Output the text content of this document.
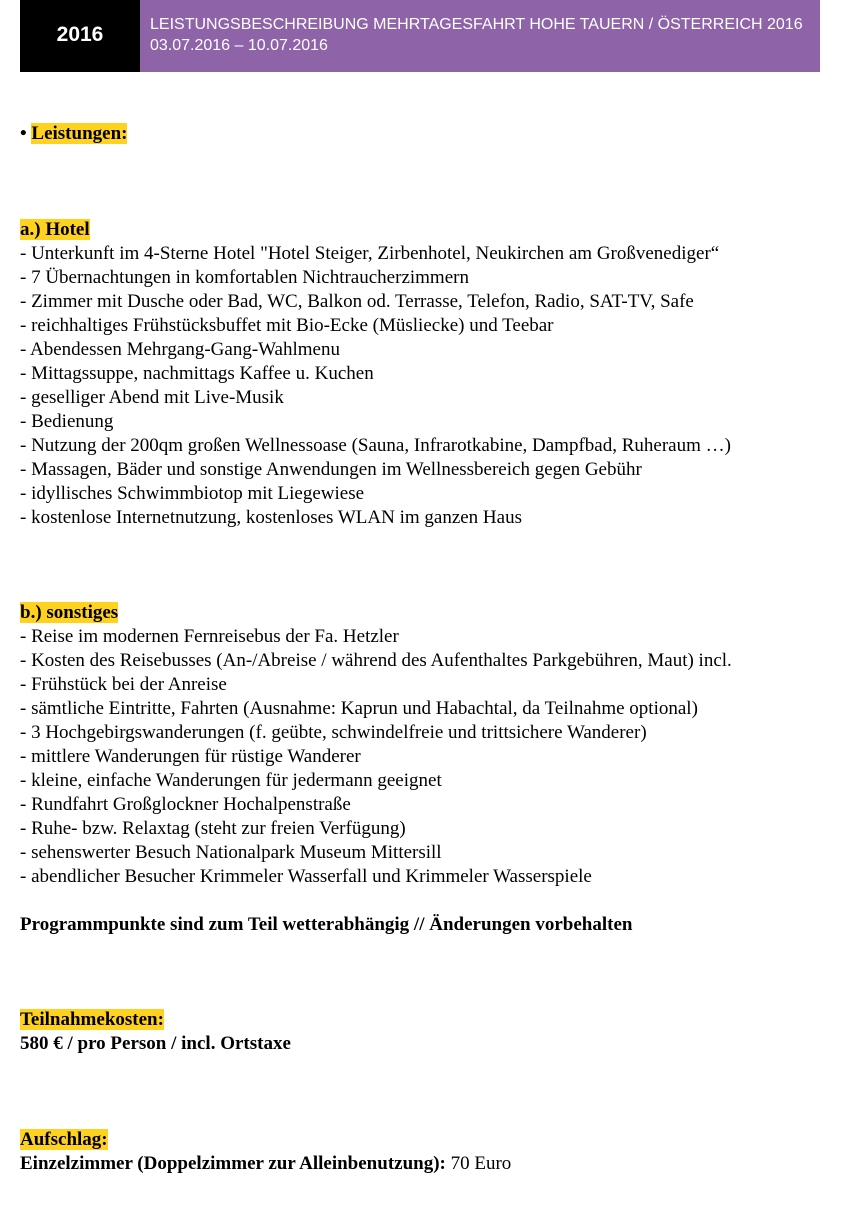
2016	LEISTUNGSBESCHREIBUNG MEHRTAGESFAHRT HOHE TAUERN / ÖSTERREICH 2016
03.07.2016 – 10.07.2016
• Leistungen:
a.) Hotel
- Unterkunft im 4-Sterne Hotel "Hotel Steiger, Zirbenhotel, Neukirchen am Großvenediger“
- 7 Übernachtungen in komfortablen Nichtraucherzimmern
- Zimmer mit Dusche oder Bad, WC, Balkon od. Terrasse, Telefon, Radio, SAT-TV, Safe
- reichhaltiges Frühstücksbuffet mit Bio-Ecke (Müsliecke) und Teebar
- Abendessen Mehrgang-Gang-Wahlmenu
- Mittagssuppe, nachmittags Kaffee u. Kuchen
- geselliger Abend mit Live-Musik
- Bedienung
- Nutzung der 200qm großen Wellnessoase (Sauna, Infrarotkabine, Dampfbad, Ruheraum …)
- Massagen, Bäder und sonstige Anwendungen im Wellnessbereich gegen Gebühr
- idyllisches Schwimmbiotop mit Liegewiese
- kostenlose Internetnutzung, kostenloses WLAN im ganzen Haus
b.) sonstiges
- Reise im modernen Fernreisebus der Fa. Hetzler
- Kosten des Reisebusses (An-/Abreise / während des Aufenthaltes Parkgebühren, Maut) incl.
- Frühstück bei der Anreise
- sämtliche Eintritte, Fahrten (Ausnahme: Kaprun und Habachtal, da Teilnahme optional)
- 3 Hochgebirgswanderungen (f. geübte, schwindelfreie und trittsichere Wanderer)
- mittlere Wanderungen für rüstige Wanderer
- kleine, einfache Wanderungen für jedermann geeignet
- Rundfahrt Großglockner Hochalpenstraße
- Ruhe- bzw. Relaxtag (steht zur freien Verfügung)
- sehenswerter Besuch Nationalpark Museum Mittersill
- abendlicher Besucher Krimmeler Wasserfall und Krimmeler Wasserspiele
Programmpunkte sind zum Teil wetterabhängig // Änderungen vorbehalten
Teilnahmekosten:
580 € / pro Person / incl. Ortstaxe
Aufschlag:
Einzelzimmer (Doppelzimmer zur Alleinbenutzung): 70 Euro
